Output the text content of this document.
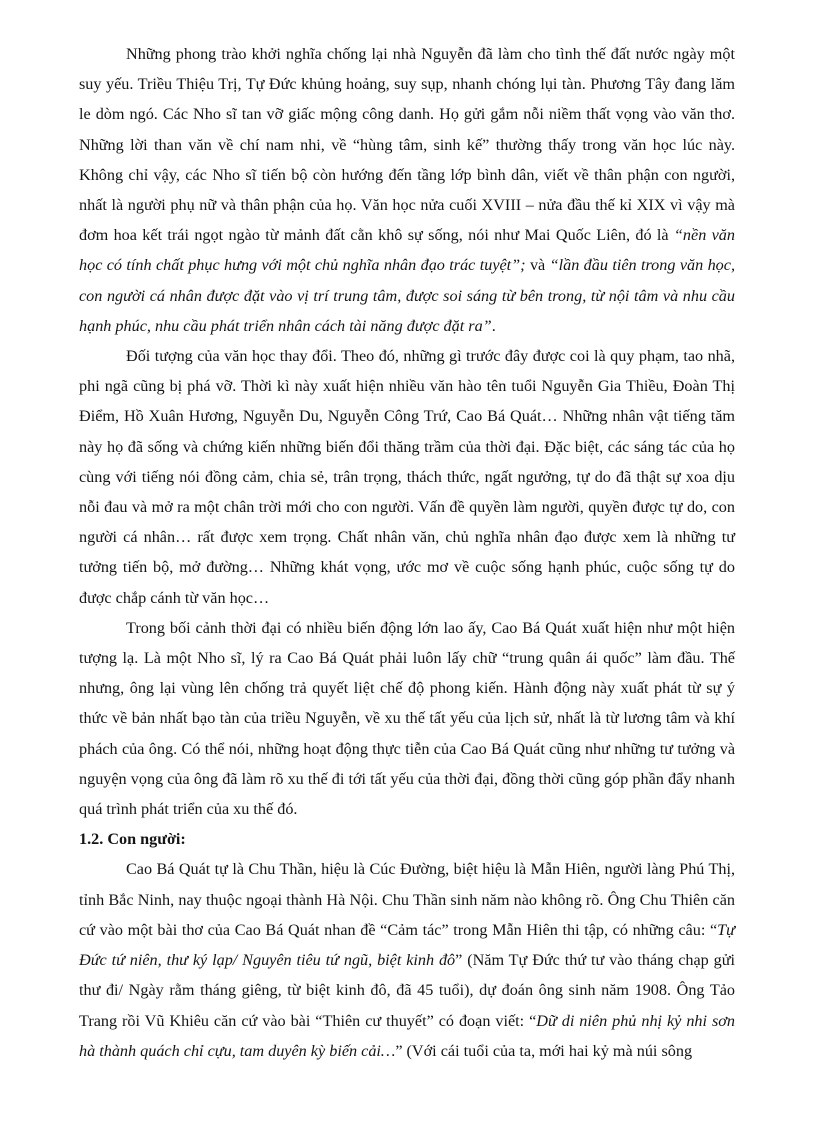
Những phong trào khởi nghĩa chống lại nhà Nguyễn đã làm cho tình thế đất nước ngày một suy yếu. Triều Thiệu Trị, Tự Đức khủng hoảng, suy sụp, nhanh chóng lụi tàn. Phương Tây đang lăm le dòm ngó. Các Nho sĩ tan vỡ giấc mộng công danh. Họ gửi gắm nỗi niềm thất vọng vào văn thơ. Những lời than văn về chí nam nhi, về “hùng tâm, sinh kế” thường thấy trong văn học lúc này. Không chỉ vậy, các Nho sĩ tiến bộ còn hướng đến tầng lớp bình dân, viết về thân phận con người, nhất là người phụ nữ và thân phận của họ. Văn học nửa cuối XVIII – nửa đầu thế kỉ XIX vì vậy mà đơm hoa kết trái ngọt ngào từ mảnh đất cằn khô sự sống, nói như Mai Quốc Liên, đó là “nền văn học có tính chất phục hưng với một chủ nghĩa nhân đạo trác tuyệt”; và “lần đầu tiên trong văn học, con người cá nhân được đặt vào vị trí trung tâm, được soi sáng từ bên trong, từ nội tâm và nhu cầu hạnh phúc, nhu cầu phát triển nhân cách tài năng được đặt ra”.

Đối tượng của văn học thay đổi. Theo đó, những gì trước đây được coi là quy phạm, tao nhã, phi ngã cũng bị phá vỡ. Thời kì này xuất hiện nhiều văn hào tên tuổi Nguyễn Gia Thiều, Đoàn Thị Điểm, Hồ Xuân Hương, Nguyễn Du, Nguyễn Công Trứ, Cao Bá Quát… Những nhân vật tiếng tăm này họ đã sống và chứng kiến những biến đổi thăng trầm của thời đại. Đặc biệt, các sáng tác của họ cùng với tiếng nói đồng cảm, chia sẻ, trân trọng, thách thức, ngất ngưởng, tự do đã thật sự xoa dịu nỗi đau và mở ra một chân trời mới cho con người. Vấn đề quyền làm người, quyền được tự do, con người cá nhân… rất được xem trọng. Chất nhân văn, chủ nghĩa nhân đạo được xem là những tư tưởng tiến bộ, mở đường… Những khát vọng, ước mơ về cuộc sống hạnh phúc, cuộc sống tự do được chắp cánh từ văn học…

Trong bối cảnh thời đại có nhiều biến động lớn lao ấy, Cao Bá Quát xuất hiện như một hiện tượng lạ. Là một Nho sĩ, lý ra Cao Bá Quát phải luôn lấy chữ “trung quân ái quốc” làm đầu. Thế nhưng, ông lại vùng lên chống trả quyết liệt chế độ phong kiến. Hành động này xuất phát từ sự ý thức về bản nhất bạo tàn của triều Nguyễn, về xu thế tất yếu của lịch sử, nhất là từ lương tâm và khí phách của ông. Có thể nói, những hoạt động thực tiễn của Cao Bá Quát cũng như những tư tưởng và nguyện vọng của ông đã làm rõ xu thế đi tới tất yếu của thời đại, đồng thời cũng góp phần đẩy nhanh quá trình phát triển của xu thế đó.

1.2. Con người:

Cao Bá Quát tự là Chu Thần, hiệu là Cúc Đường, biệt hiệu là Mẫn Hiên, người làng Phú Thị, tỉnh Bắc Ninh, nay thuộc ngoại thành Hà Nội. Chu Thần sinh năm nào không rõ. Ông Chu Thiên căn cứ vào một bài thơ của Cao Bá Quát nhan đề “Cảm tác” trong Mẫn Hiên thi tập, có những câu: “Tự Đức tứ niên, thư ký lạp/ Nguyên tiêu tứ ngũ, biệt kinh đô” (Năm Tự Đức thứ tư vào tháng chạp gửi thư đi/ Ngày rằm tháng giêng, từ biệt kinh đô, đã 45 tuổi), dự đoán ông sinh năm 1908. Ông Tảo Trang rồi Vũ Khiêu căn cứ vào bài “Thiên cư thuyết” có đoạn viết: “Dữ di niên phủ nhị kỷ nhi sơn hà thành quách chỉ cựu, tam duyên kỳ biến cải…” (Với cái tuổi của ta, mới hai kỷ mà núi sông
